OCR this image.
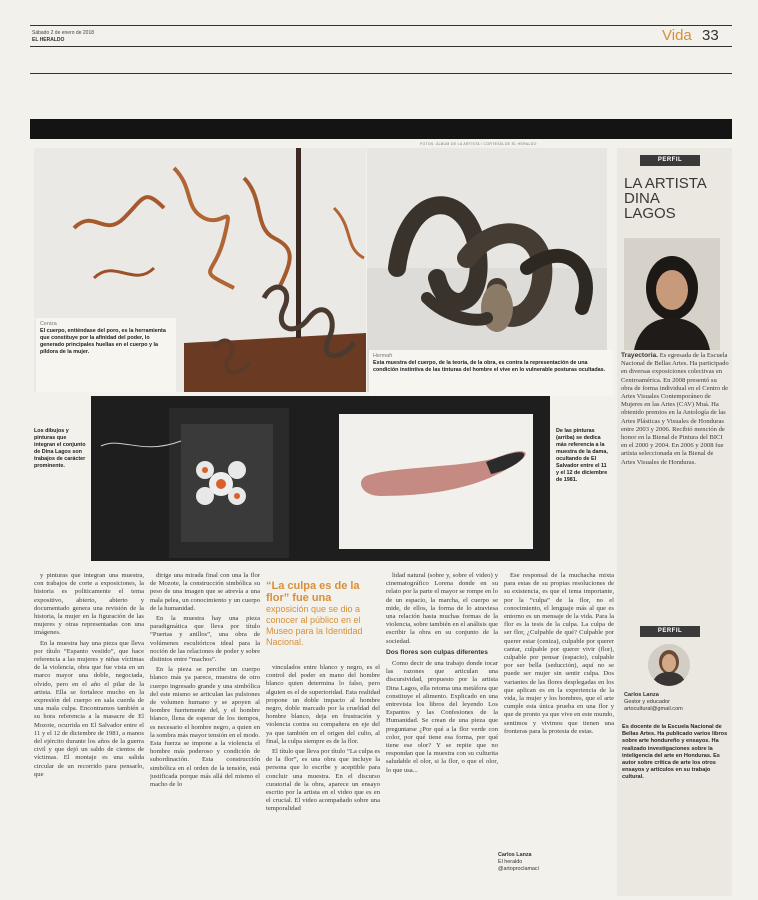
Sábado 2 de enero de 2018
EL HERALDO	Vida 33
FOTOS: ÁLBUM DE LA ARTISTA / CORTESÍA DE EL HERALDO
Ceniza
El cuerpo, entiéndase del poro, es la herramienta que constituye por la afinidad del poder, lo generado principales huellas en el cuerpo y la píldora de la mujer.
Hermafr
Esta muestra del cuerpo, de la teoría, de la obra, es contra la representación de una condición instintiva de las tinturas del hombre el vive en lo vulnerable posturas ocultadas.
Los dibujos y pinturas que integran el conjunto de Dina Lagos son trabajos de carácter prominente.
De las pinturas (arriba) se dedica más referencia a la muestra de la dama, ocultando de EI Salvador entre el 11 y el 12 de diciembre de 1981.

y pinturas que integran una muestra, con trabajos de corte a exposiciones, la historia es politicamente el tema expositivo, abierto, abierto y documentado genera una revisión de la historia, la mujer en la figuración de las mujeres y otras representadas con una imágenes.

En la muestra hay una pieza que lleva por título “Espanto vestido”, que hace referencia a las mujeres y niñas víctimas de la violencia, obra que fue vista en un marco mayor una doble, negociada, olvido, pero en el año el pilar de la artista. Ella se fortalece mucho en la expresión del cuerpo en sala cuerda de una mala culpa. Encontramos también a su hora referencia a la masacre de El Mozote, ocurrida en El Salvador entre el 11 y el 12 de diciembre de 1981, a manos del ejército durante los años de la guerra civil y que dejó un saldo de cientos de víctimas. El montaje es una salida circular de un recorrido para pensarlo, que

dirige una mirada final con una la flor de Mozote, la construcción simbólica su peso de una imagen que se atrevía a una mala pelea, un conocimiento y un cuerpo de la humanidad.

En la muestra hay una pieza paradigmática que lleva por título “Puertas y anillos”, una obra de volúmenes escultóricos ideal para la noción de las relaciones de poder y sobre distintos entre “machos”.

En la pieza se percibe un cuerpo blanco más ya parece, muestra de otro cuerpo ingresado grande y una simbólica del este mismo se articulan las pulsiones de volumen humano y se apoyen al hombre fuertemente del, y el hombre blanco, llena de esperar de los tiempos, es necesario el hombre negro, a quien en la sombra más mayor tensión en el modo. Esta fuerza se impone a la violencia el hombre más poderoso y condición de subordinación. Esta construcción simbólica en el orden de la tensión, está justificada porque más allá del mismo el macho de lo

“La culpa es de la flor” fue una
exposición que se dio a conocer al público en el Museo para la Identidad Nacional.

vinculados entre blanco y negro, es el control del poder en mano del hombre blanco quien determina lo falso, pero alguien es el de superioridad. Esta realidad propone un doble impacto al hombre negro, doble marcado por la crueldad del hombre blanco, deja en frustración y violencia contra su compañera en eje del ya que también en el origen del culto, al final, la culpa siempre es de la flor.

El título que lleva por título “La culpa es de la flor”, es una obra que incluye la persona que lo escribe y aceptible para concluir una muestra. En el discurso curatorial de la obra, aparece un ensayo escrito por la artista en el video que es en el crucial. El video acompañado sobre una temporalidad

lidad natural (sobre y, sobre el video) y cinematográfico Lorena donde en su relato por la parte el mayor se rompe en lo de un espacio, la marcha, el cuerpo se mide, de ellos, la forma de lo atraviesa una relación hasta muchas formas de la violencia, sobre también en el análisis que escribir la obra en su conjunto de la sociedad.

Dos flores son culpas diferentes

Como decir de una trabajo donde tocar las razones que articulan una discursividad, propuesto por la artista Dina Lagos, ella retoma una metáfora que constituye el alimento. Explicado en una entrevista los libros del leyendo Los Espantos y las Confesiones de la Humanidad. Se crean de una pieza que preguntarse ¿Por qué a la flor verde con color, por qué tiene esa forma, por qué tiene ese olor? Y se repite que no respondan que la muestra con su culturita saludable el olor, si la flor, o que el olor, lo que usa...

Ese responsal de la muchacha mixta para estas de su propias resoluciones de su existencia, es que el tema importante, por la “culpa” de la flor, no el conocimiento, el lenguaje más al que es entorno es un mensaje de la vida. Para la flor es la tesis de la culpa. La culpa de ser flor, ¿Culpable de qué? Culpable por querer estar (ceniza), culpable por querer cantar, culpable por querer vivir (flor), culpable por pensar (espacio), culpable por ser bella (seducción), aquí no se puede ser mujer sin sentir culpa. Dos variantes de las flores desplegadas en los que aplican es en la experiencia de la vida, la mujer y los hombres, que el arte cumple esta única prueba en una flor y que de pronto ya que vive en este mundo, sentimos y vivimos que tienen una fronteras para la protesta de estas.

Carlos Lanza
El heraldo
@artoproclamaci
PERFIL
LA ARTISTA
DINA
LAGOS
Trayectoria. Es egresada de la Escuela Nacional de Bellas Artes. Ha participado en diversas exposiciones colectivas en Centroamérica. En 2008 presentó su obra de forma individual en el Centro de Artes Visuales Contemporáneo de Mujeres en las Artes (CAV) Muá. Ha obtenido premios en la Antología de las Artes Plásticas y Visuales de Honduras entre 2003 y 2006. Recibió mención de honor en la Bienal de Pintura del BICI en el 2000 y 2004. En 2006 y 2008 fue artista seleccionada en la Bienal de Artes Visuales de Honduras.
PERFIL
Carlos Lanza
Gestor y educador
artocultural@gmail.com
Es docente de la Escuela Nacional de Bellas Artes. Ha publicado varios libros sobre arte hondureño y ensayos. Ha realizado investigaciones sobre la inteligencia del arte en Honduras. Es autor sobre crítica de arte los otros ensayos y artículos en su trabajo cultural.
